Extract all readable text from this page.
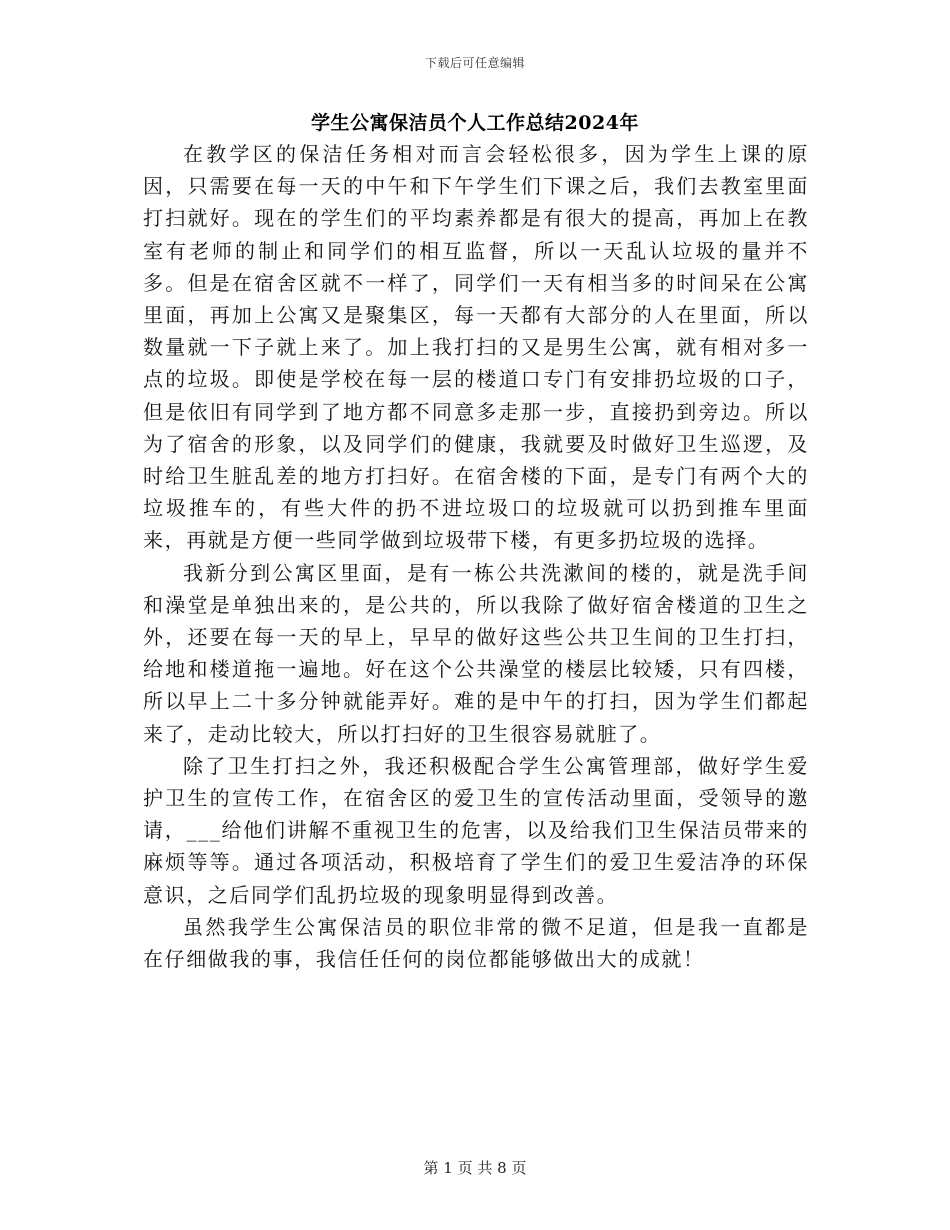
下载后可任意编辑
学生公寓保洁员个人工作总结2024年

在教学区的保洁任务相对而言会轻松很多，因为学生上课的原因，只需要在每一天的中午和下午学生们下课之后，我们去教室里面打扫就好。现在的学生们的平均素养都是有很大的提高，再加上在教室有老师的制止和同学们的相互监督，所以一天乱认垃圾的量并不多。但是在宿舍区就不一样了，同学们一天有相当多的时间呆在公寓里面，再加上公寓又是聚集区，每一天都有大部分的人在里面，所以数量就一下子就上来了。加上我打扫的又是男生公寓，就有相对多一点的垃圾。即使是学校在每一层的楼道口专门有安排扔垃圾的口子，但是依旧有同学到了地方都不同意多走那一步，直接扔到旁边。所以为了宿舍的形象，以及同学们的健康，我就要及时做好卫生巡逻，及时给卫生脏乱差的地方打扫好。在宿舍楼的下面，是专门有两个大的垃圾推车的，有些大件的扔不进垃圾口的垃圾就可以扔到推车里面来，再就是方便一些同学做到垃圾带下楼，有更多扔垃圾的选择。

我新分到公寓区里面，是有一栋公共洗漱间的楼的，就是洗手间和澡堂是单独出来的，是公共的，所以我除了做好宿舍楼道的卫生之外，还要在每一天的早上，早早的做好这些公共卫生间的卫生打扫，给地和楼道拖一遍地。好在这个公共澡堂的楼层比较矮，只有四楼，所以早上二十多分钟就能弄好。难的是中午的打扫，因为学生们都起来了，走动比较大，所以打扫好的卫生很容易就脏了。

除了卫生打扫之外，我还积极配合学生公寓管理部，做好学生爱护卫生的宣传工作，在宿舍区的爱卫生的宣传活动里面，受领导的邀请，___给他们讲解不重视卫生的危害，以及给我们卫生保洁员带来的麻烦等等。通过各项活动，积极培育了学生们的爱卫生爱洁净的环保意识，之后同学们乱扔垃圾的现象明显得到改善。

虽然我学生公寓保洁员的职位非常的微不足道，但是我一直都是在仔细做我的事，我信任任何的岗位都能够做出大的成就！

第 1 页 共 8 页
